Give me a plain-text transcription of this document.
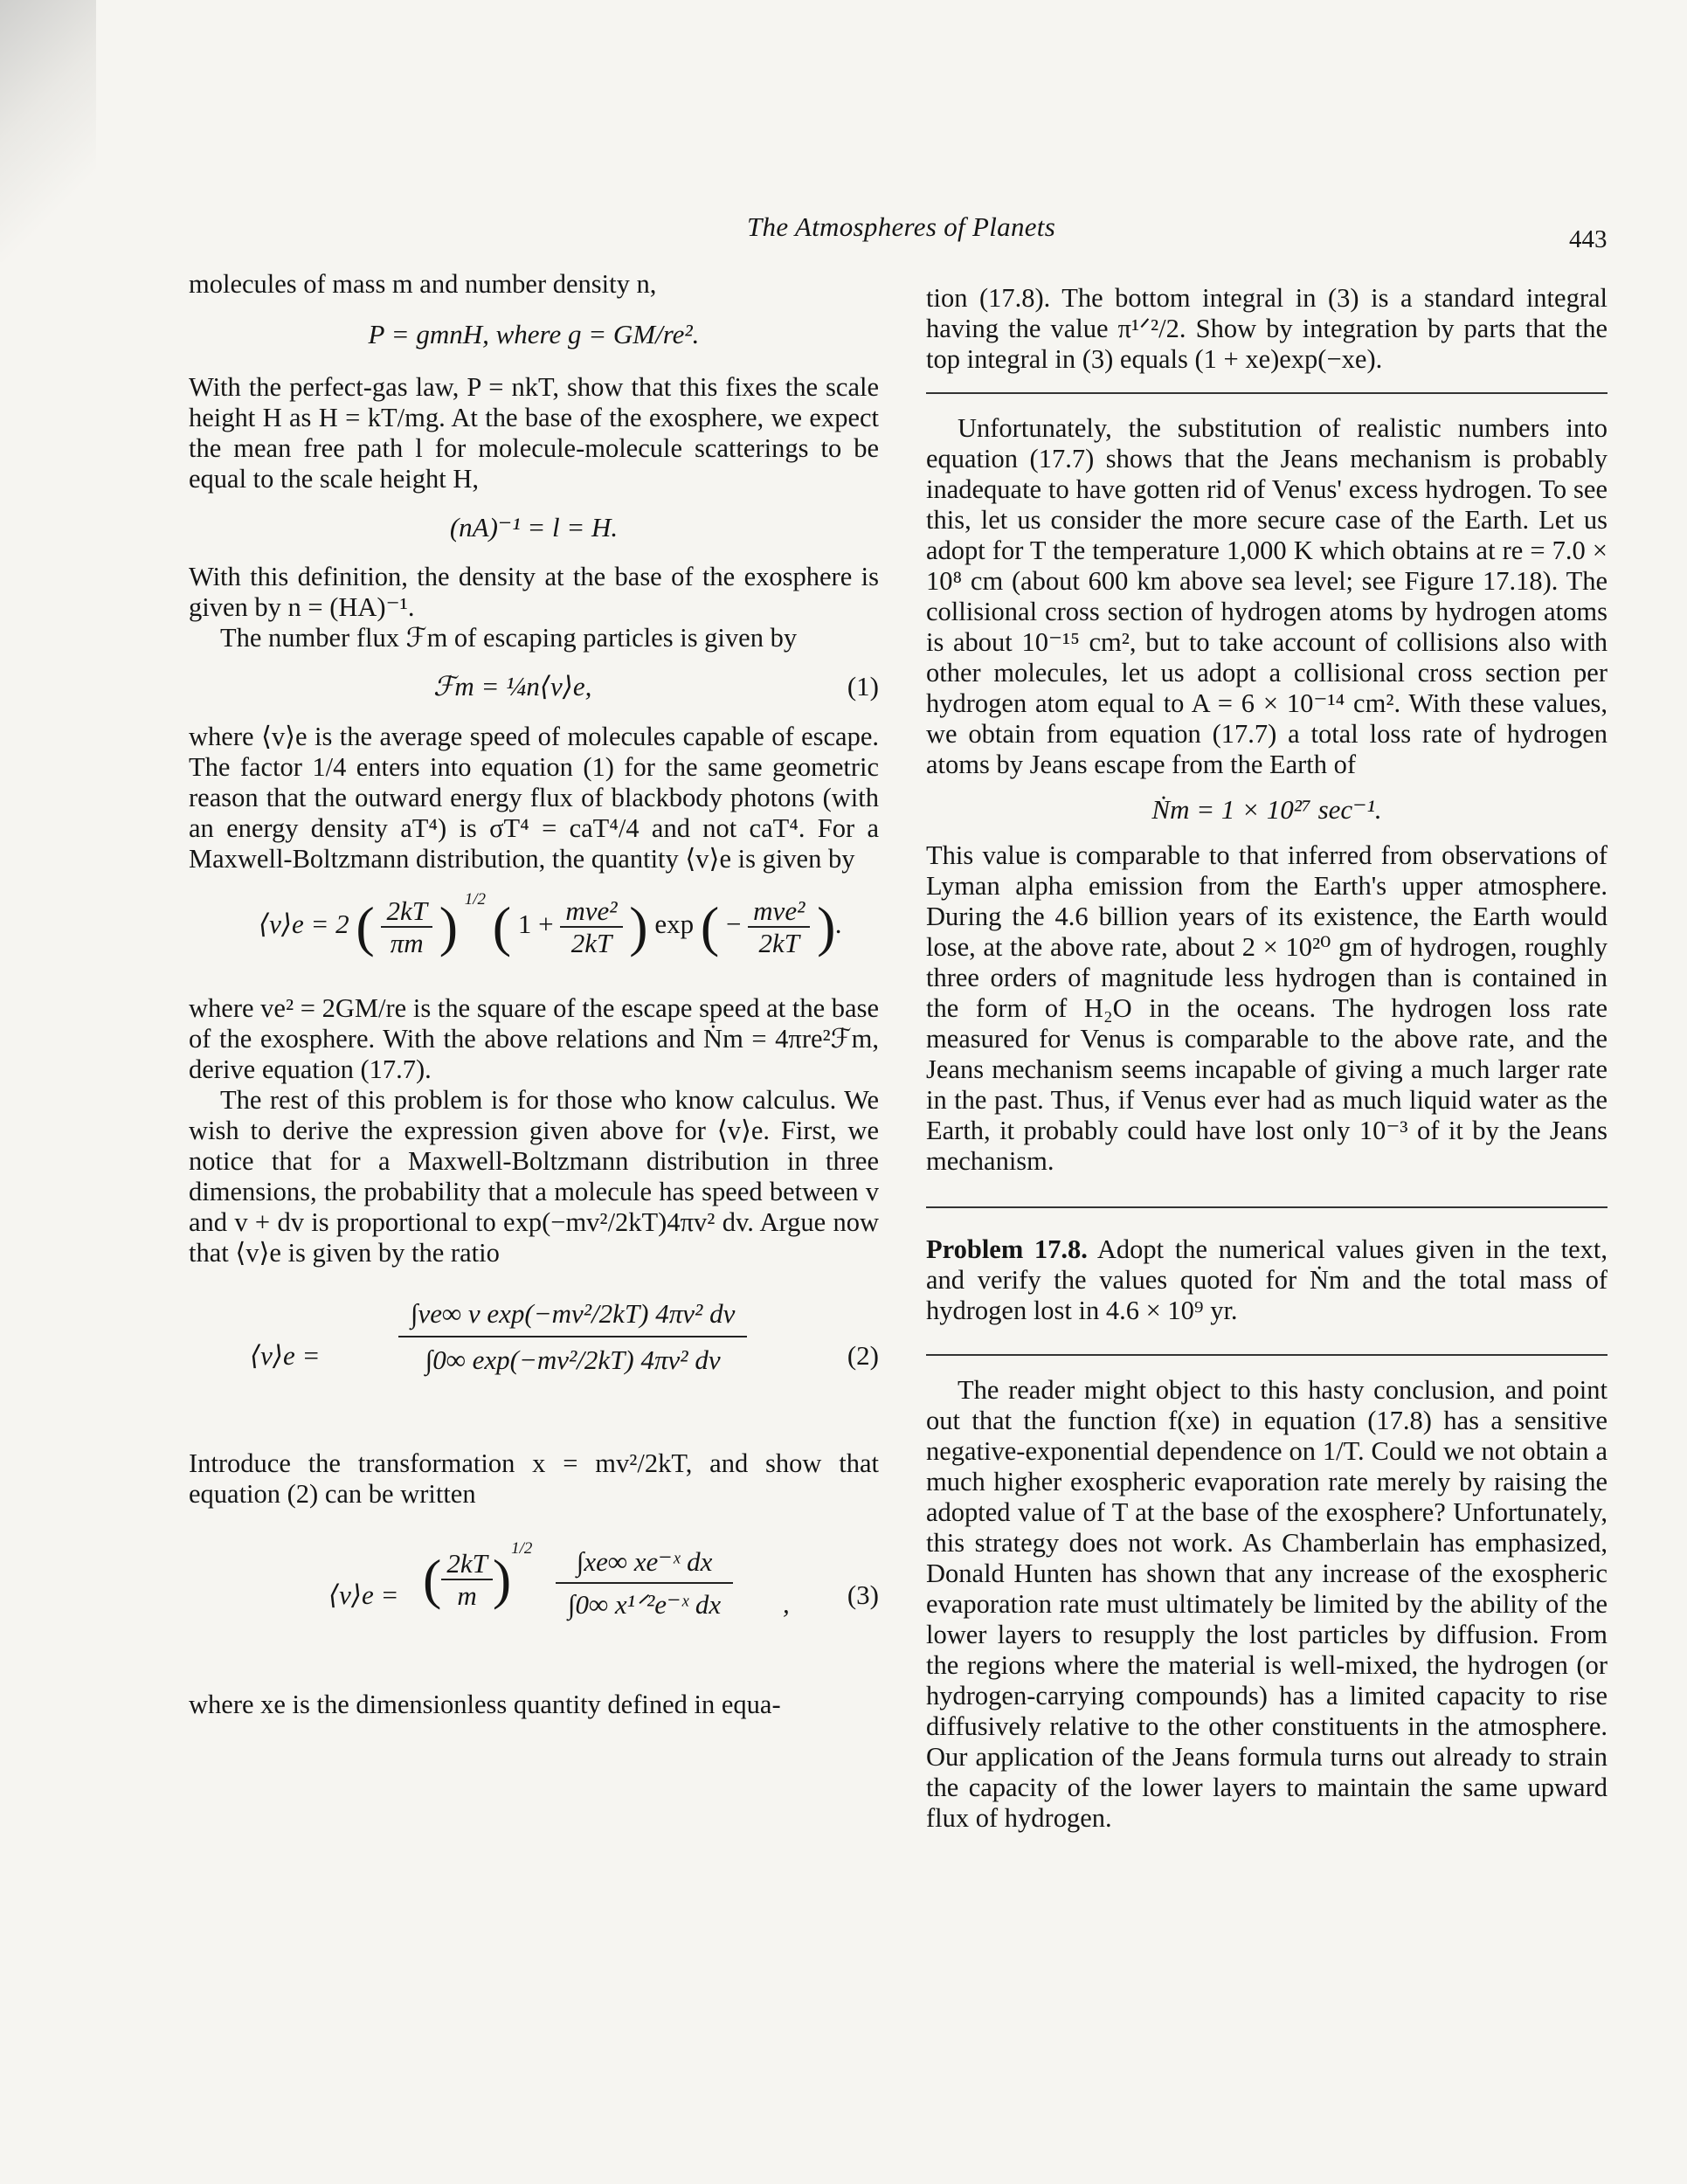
The Atmospheres of Planets	443

molecules of mass m and number density n,

P = gmnH, where g = GM/re².

With the perfect-gas law, P = nkT, show that this fixes the scale height H as H = kT/mg. At the base of the exosphere, we expect the mean free path l for molecule-molecule scatterings to be equal to the scale height H,

(nA)⁻¹ = l = H.

With this definition, the density at the base of the exosphere is given by n = (HA)⁻¹.

The number flux ℱm of escaping particles is given by

ℱm = ¼n⟨v⟩e,	(1)

where ⟨v⟩e is the average speed of molecules capable of escape. The factor 1/4 enters into equation (1) for the same geometric reason that the outward energy flux of blackbody photons (with an energy density aT⁴) is σT⁴ = caT⁴/4 and not caT⁴. For a Maxwell-Boltzmann distribution, the quantity ⟨v⟩e is given by

⟨v⟩e = 2 ( $\frac{2kT}{\pi m}$ ) $^{1/2}$ ( $1 + \frac{\text{mve²}}{2kT}$ ) exp ( − $\frac{\text{mve²}}{2kT}$ ).

where ve² = 2GM/re is the square of the escape speed at the base of the exosphere. With the above relations and Ṅm = 4πre²ℱm, derive equation (17.7).

The rest of this problem is for those who know calculus. We wish to derive the expression given above for ⟨v⟩e. First, we notice that for a Maxwell-Boltzmann distribution in three dimensions, the probability that a molecule has speed between v and v + dv is proportional to exp(−mv²/2kT)4πv² dv. Argue now that ⟨v⟩e is given by the ratio

⟨v⟩e =	$\frac{\text{∫ve∞ v exp(−mv²/2kT) 4πv² dv}}{\text{∫0∞ exp(−mv²/2kT) 4πv² dv}}$	(2)

Introduce the transformation x = mv²/2kT, and show that equation (2) can be written

⟨v⟩e = ( $\frac{2kT}{m} )^{1/2}$	∫xe∞ xe⁻ˣ dx
∫0∞ x¹ᐟ²e⁻ˣ dx	, (3)

where xe is the dimensionless quantity defined in equa-

tion (17.8). The bottom integral in (3) is a standard integral having the value π¹ᐟ²/2. Show by integration by parts that the top integral in (3) equals (1 + xe)exp(−xe).

Unfortunately, the substitution of realistic numbers into equation (17.7) shows that the Jeans mechanism is probably inadequate to have gotten rid of Venus' excess hydrogen. To see this, let us consider the more secure case of the Earth. Let us adopt for T the temperature 1,000 K which obtains at re = 7.0 × 10⁸ cm (about 600 km above sea level; see Figure 17.18). The collisional cross section of hydrogen atoms by hydrogen atoms is about 10⁻¹⁵ cm², but to take account of collisions also with other molecules, let us adopt a collisional cross section per hydrogen atom equal to A = 6 × 10⁻¹⁴ cm². With these values, we obtain from equation (17.7) a total loss rate of hydrogen atoms by Jeans escape from the Earth of

Ṅm = 1 × 10²⁷ sec⁻¹.

This value is comparable to that inferred from observations of Lyman alpha emission from the Earth's upper atmosphere. During the 4.6 billion years of its existence, the Earth would lose, at the above rate, about 2 × 10²⁰ gm of hydrogen, roughly three orders of magnitude less hydrogen than is contained in the form of H₂O in the oceans. The hydrogen loss rate measured for Venus is comparable to the above rate, and the Jeans mechanism seems incapable of giving a much larger rate in the past. Thus, if Venus ever had as much liquid water as the Earth, it probably could have lost only 10⁻³ of it by the Jeans mechanism.

Problem 17.8. Adopt the numerical values given in the text, and verify the values quoted for Ṅm and the total mass of hydrogen lost in 4.6 × 10⁹ yr.

The reader might object to this hasty conclusion, and point out that the function f(xe) in equation (17.8) has a sensitive negative-exponential dependence on 1/T. Could we not obtain a much higher exospheric evaporation rate merely by raising the adopted value of T at the base of the exosphere? Unfortunately, this strategy does not work. As Chamberlain has emphasized, Donald Hunten has shown that any increase of the exospheric evaporation rate must ultimately be limited by the ability of the lower layers to resupply the lost particles by diffusion. From the regions where the material is well-mixed, the hydrogen (or hydrogen-carrying compounds) has a limited capacity to rise diffusively relative to the other constituents in the atmosphere. Our application of the Jeans formula turns out already to strain the capacity of the lower layers to maintain the same upward flux of hydrogen.
